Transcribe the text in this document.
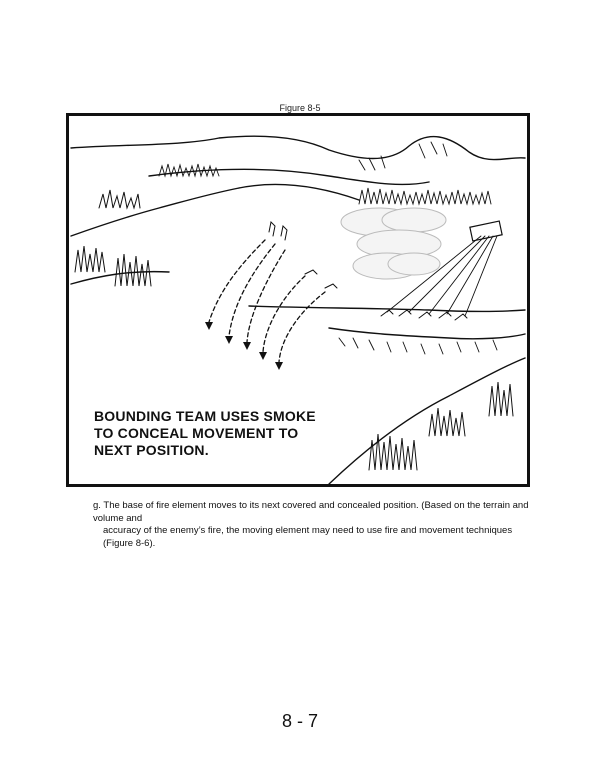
Figure 8-5
BOUNDING TEAM USES SMOKE
TO CONCEAL MOVEMENT TO
NEXT POSITION.
g. The base of fire element moves to its next covered and concealed position. (Based on the terrain and volume and
accuracy of the enemy’s fire, the moving element may need to use fire and movement techniques (Figure 8-6).
8 - 7
